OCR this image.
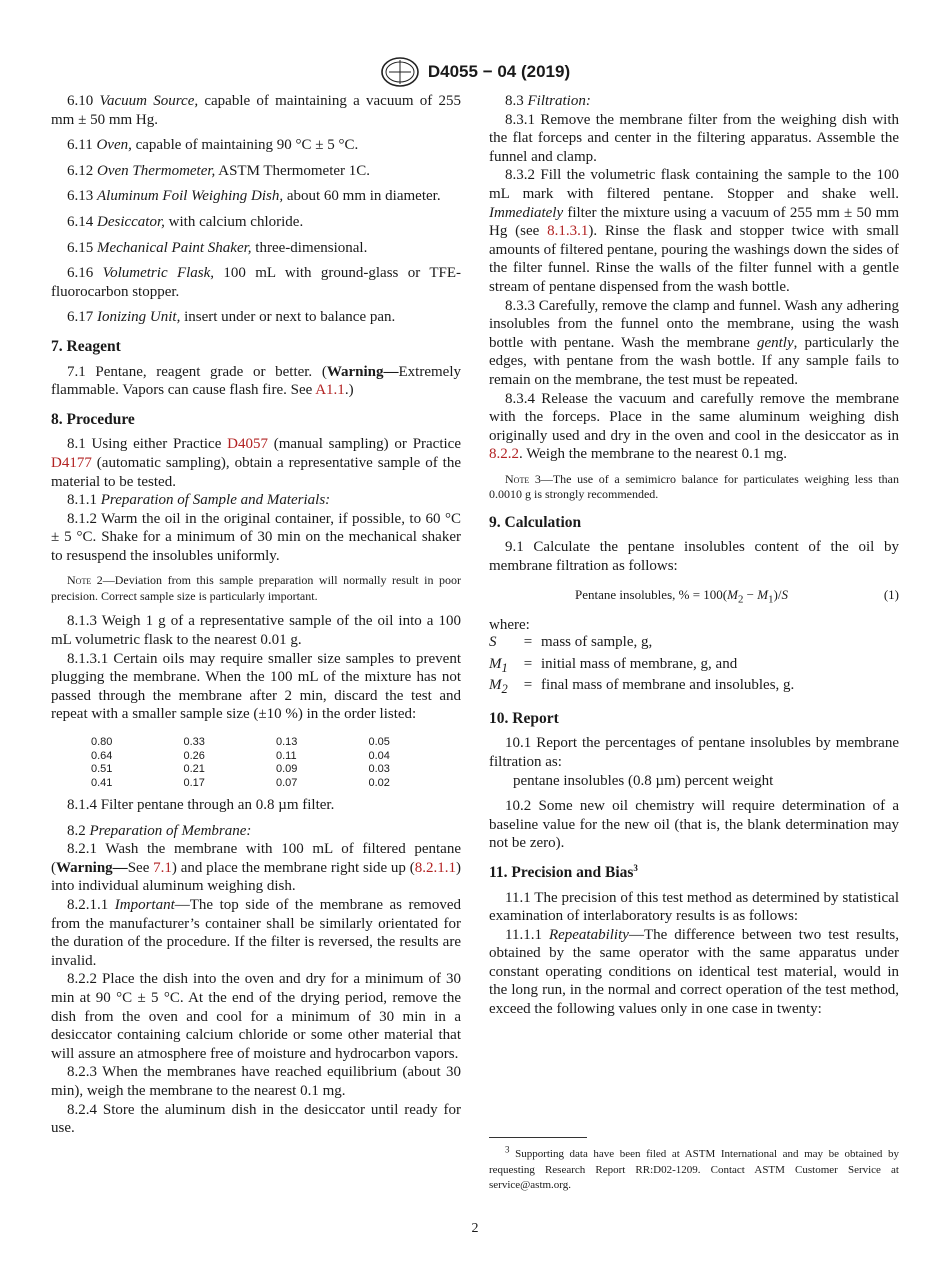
D4055 − 04 (2019)

6.10 Vacuum Source, capable of maintaining a vacuum of 255 mm ± 50 mm Hg.

6.11 Oven, capable of maintaining 90 °C ± 5 °C.

6.12 Oven Thermometer, ASTM Thermometer 1C.

6.13 Aluminum Foil Weighing Dish, about 60 mm in diameter.

6.14 Desiccator, with calcium chloride.

6.15 Mechanical Paint Shaker, three-dimensional.

6.16 Volumetric Flask, 100 mL with ground-glass or TFE-fluorocarbon stopper.

6.17 Ionizing Unit, insert under or next to balance pan.

7. Reagent

7.1 Pentane, reagent grade or better. (Warning—Extremely flammable. Vapors can cause flash fire. See A1.1.)

8. Procedure

8.1 Using either Practice D4057 (manual sampling) or Practice D4177 (automatic sampling), obtain a representative sample of the material to be tested.

8.1.1 Preparation of Sample and Materials:

8.1.2 Warm the oil in the original container, if possible, to 60 °C ± 5 °C. Shake for a minimum of 30 min on the mechanical shaker to resuspend the insolubles uniformly.

Note 2—Deviation from this sample preparation will normally result in poor precision. Correct sample size is particularly important.

8.1.3 Weigh 1 g of a representative sample of the oil into a 100 mL volumetric flask to the nearest 0.01 g.

8.1.3.1 Certain oils may require smaller size samples to prevent plugging the membrane. When the 100 mL of the mixture has not passed through the membrane after 2 min, discard the test and repeat with a smaller sample size (±10 %) in the order listed:

0.80	0.33	0.13	0.05
0.64	0.26	0.11	0.04
0.51	0.21	0.09	0.03
0.41	0.17	0.07	0.02

8.1.4 Filter pentane through an 0.8 µm filter.

8.2 Preparation of Membrane:

8.2.1 Wash the membrane with 100 mL of filtered pentane (Warning—See 7.1) and place the membrane right side up (8.2.1.1) into individual aluminum weighing dish.

8.2.1.1 Important—The top side of the membrane as removed from the manufacturer’s container shall be similarly orientated for the duration of the procedure. If the filter is reversed, the results are invalid.

8.2.2 Place the dish into the oven and dry for a minimum of 30 min at 90 °C ± 5 °C. At the end of the drying period, remove the dish from the oven and cool for a minimum of 30 min in a desiccator containing calcium chloride or some other material that will assure an atmosphere free of moisture and hydrocarbon vapors.

8.2.3 When the membranes have reached equilibrium (about 30 min), weigh the membrane to the nearest 0.1 mg.

8.2.4 Store the aluminum dish in the desiccator until ready for use.

8.3 Filtration:

8.3.1 Remove the membrane filter from the weighing dish with the flat forceps and center in the filtering apparatus. Assemble the funnel and clamp.

8.3.2 Fill the volumetric flask containing the sample to the 100 mL mark with filtered pentane. Stopper and shake well. Immediately filter the mixture using a vacuum of 255 mm ± 50 mm Hg (see 8.1.3.1). Rinse the flask and stopper twice with small amounts of filtered pentane, pouring the washings down the sides of the filter funnel. Rinse the walls of the filter funnel with a gentle stream of pentane dispensed from the wash bottle.

8.3.3 Carefully, remove the clamp and funnel. Wash any adhering insolubles from the funnel onto the membrane, using the wash bottle with pentane. Wash the membrane gently, particularly the edges, with pentane from the wash bottle. If any sample fails to remain on the membrane, the test must be repeated.

8.3.4 Release the vacuum and carefully remove the membrane with the forceps. Place in the same aluminum weighing dish originally used and dry in the oven and cool in the desiccator as in 8.2.2. Weigh the membrane to the nearest 0.1 mg.

Note 3—The use of a semimicro balance for particulates weighing less than 0.0010 g is strongly recommended.

9. Calculation

9.1 Calculate the pentane insolubles content of the oil by membrane filtration as follows:

Pentane insolubles, % = $100(M_2 - M_1)/S$	(1)

where:

S	=	mass of sample, g,
$M_1$	=	initial mass of membrane, g, and
$M_2$	=	final mass of membrane and insolubles, g.

10. Report

10.1 Report the percentages of pentane insolubles by membrane filtration as:

pentane insolubles (0.8 µm) percent weight

10.2 Some new oil chemistry will require determination of a baseline value for the new oil (that is, the blank determination may not be zero).

11. Precision and Bias$^3$

11.1 The precision of this test method as determined by statistical examination of interlaboratory results is as follows:

11.1.1 Repeatability—The difference between two test results, obtained by the same operator with the same apparatus under constant operating conditions on identical test material, would in the long run, in the normal and correct operation of the test method, exceed the following values only in one case in twenty:

$^3$ Supporting data have been filed at ASTM International and may be obtained by requesting Research Report RR:D02-1209. Contact ASTM Customer Service at service@astm.org.

2
